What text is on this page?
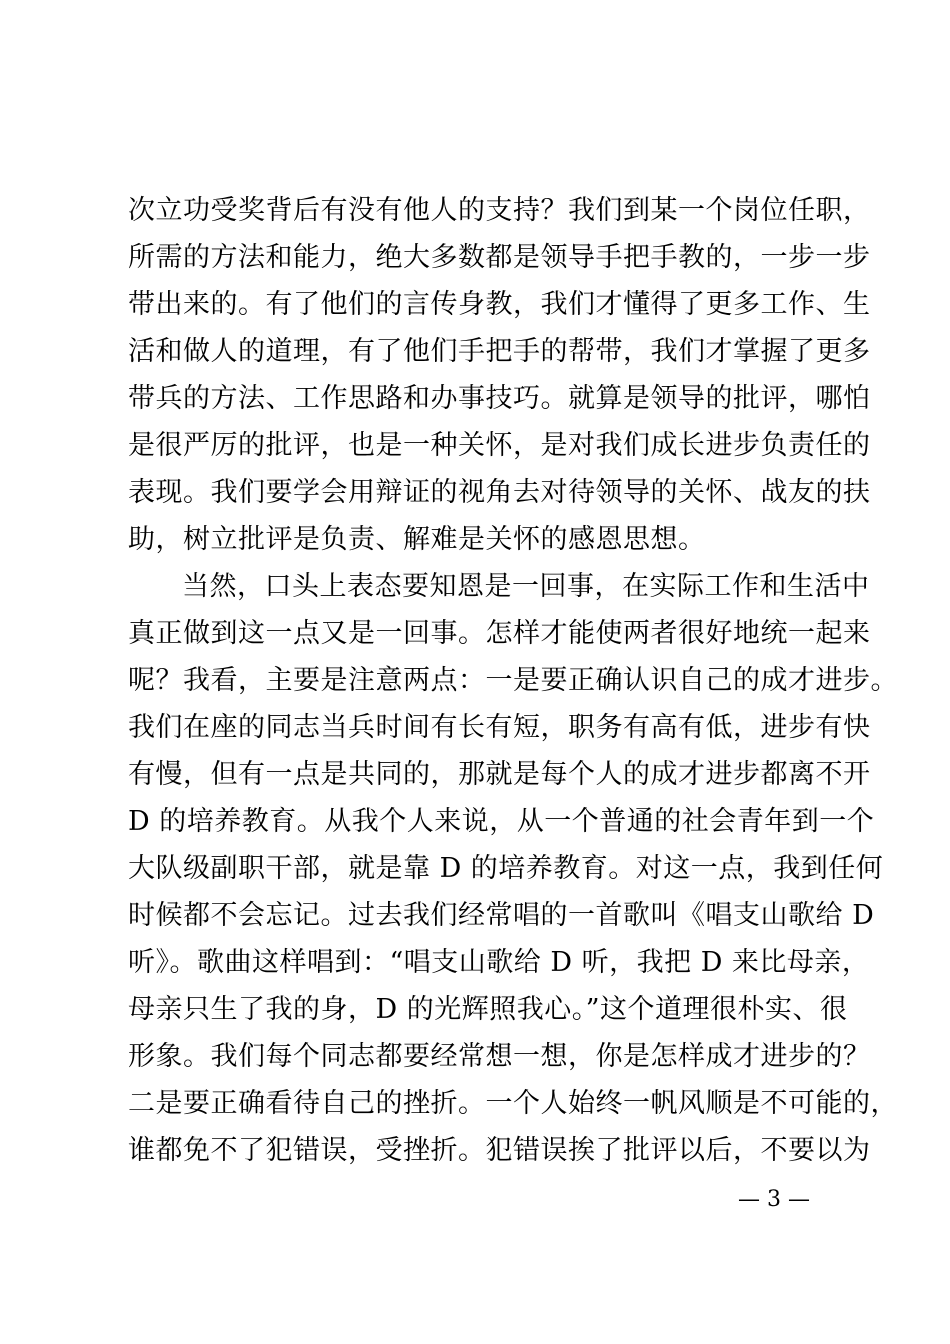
次立功受奖背后有没有他人的支持？我们到某一个岗位任职，
所需的方法和能力，绝大多数都是领导手把手教的，一步一步
带出来的。有了他们的言传身教，我们才懂得了更多工作、生
活和做人的道理，有了他们手把手的帮带，我们才掌握了更多
带兵的方法、工作思路和办事技巧。就算是领导的批评，哪怕
是很严厉的批评，也是一种关怀，是对我们成长进步负责任的
表现。我们要学会用辩证的视角去对待领导的关怀、战友的扶
助，树立批评是负责、解难是关怀的感恩思想。
当然，口头上表态要知恩是一回事，在实际工作和生活中
真正做到这一点又是一回事。怎样才能使两者很好地统一起来
呢？我看，主要是注意两点：一是要正确认识自己的成才进步。
我们在座的同志当兵时间有长有短，职务有高有低，进步有快
有慢，但有一点是共同的，那就是每个人的成才进步都离不开
D 的培养教育。从我个人来说，从一个普通的社会青年到一个
大队级副职干部，就是靠 D 的培养教育。对这一点，我到任何
时候都不会忘记。过去我们经常唱的一首歌叫《唱支山歌给 D
听》。歌曲这样唱到：“唱支山歌给 D 听，我把 D 来比母亲，
母亲只生了我的身，D 的光辉照我心。”这个道理很朴实、很
形象。我们每个同志都要经常想一想，你是怎样成才进步的？
二是要正确看待自己的挫折。一个人始终一帆风顺是不可能的，
谁都免不了犯错误，受挫折。犯错误挨了批评以后，不要以为
— 3 —
